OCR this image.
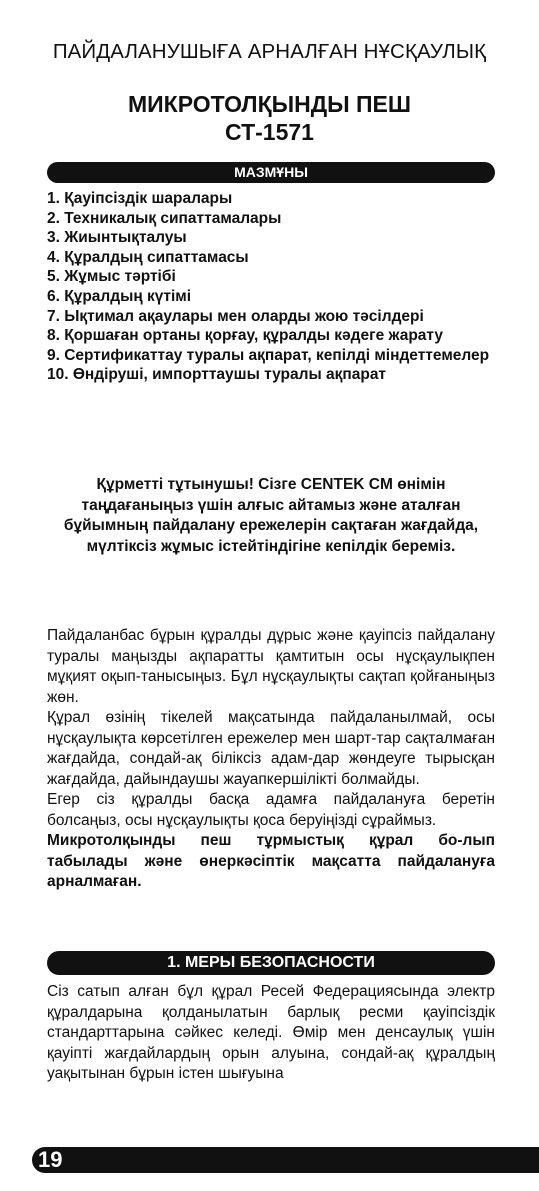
ПАЙДАЛАНУШЫҒА АРНАЛҒАН НҰСҚАУЛЫҚ
МИКРОТОЛҚЫНДЫ ПЕШ
СТ-1571
МАЗМҰНЫ
1. Қауіпсіздік шаралары
2. Техникалық сипаттамалары
3. Жиынтықталуы
4. Құралдың сипаттамасы
5. Жұмыс тәртібі
6. Құралдың күтімі
7. Ықтимал ақаулары мен оларды жою тәсілдері
8. Қоршаған ортаны қорғау, құралды кәдеге жарату
9. Сертификаттау туралы ақпарат, кепілді міндеттемелер
10. Өндіруші, импорттаушы туралы ақпарат
Құрметті тұтынушы! Сізге CENTEK CM өнімін таңдағаныңыз үшін алғыс айтамыз және аталған бұйымның пайдалану ережелерін сақтаған жағдайда, мүлтіксіз жұмыс істейтіндігіне кепілдік береміз.

Пайдаланбас бұрын құралды дұрыс және қауіпсіз пайдалану туралы маңызды ақпаратты қамтитын осы нұсқаулықпен мұқият оқып-танысыңыз. Бұл нұсқаулықты сақтап қойғаныңыз жөн.

Құрал өзінің тікелей мақсатында пайдаланылмай, осы нұсқаулықта көрсетілген ережелер мен шарт-тар сақталмаған жағдайда, сондай-ақ біліксіз адам-дар жөндеуге тырысқан жағдайда, дайындаушы жауапкершілікті болмайды.

Егер сіз құралды басқа адамға пайдалануға беретін болсаңыз, осы нұсқаулықты қоса беруіңізді сұраймыз.

Микротолқынды пеш тұрмыстық құрал бо-лып табылады және өнеркәсіптік мақсатта пайдалануға арналмаған.

1. МЕРЫ БЕЗОПАСНОСТИ

Сіз сатып алған бұл құрал Ресей Федерациясында электр құралдарына қолданылатын барлық ресми қауіпсіздік стандарттарына сәйкес келеді. Өмір мен денсаулық үшін қауіпті жағдайлардың орын алуына, сондай-ақ құралдың уақытынан бұрын істен шығуына

19
